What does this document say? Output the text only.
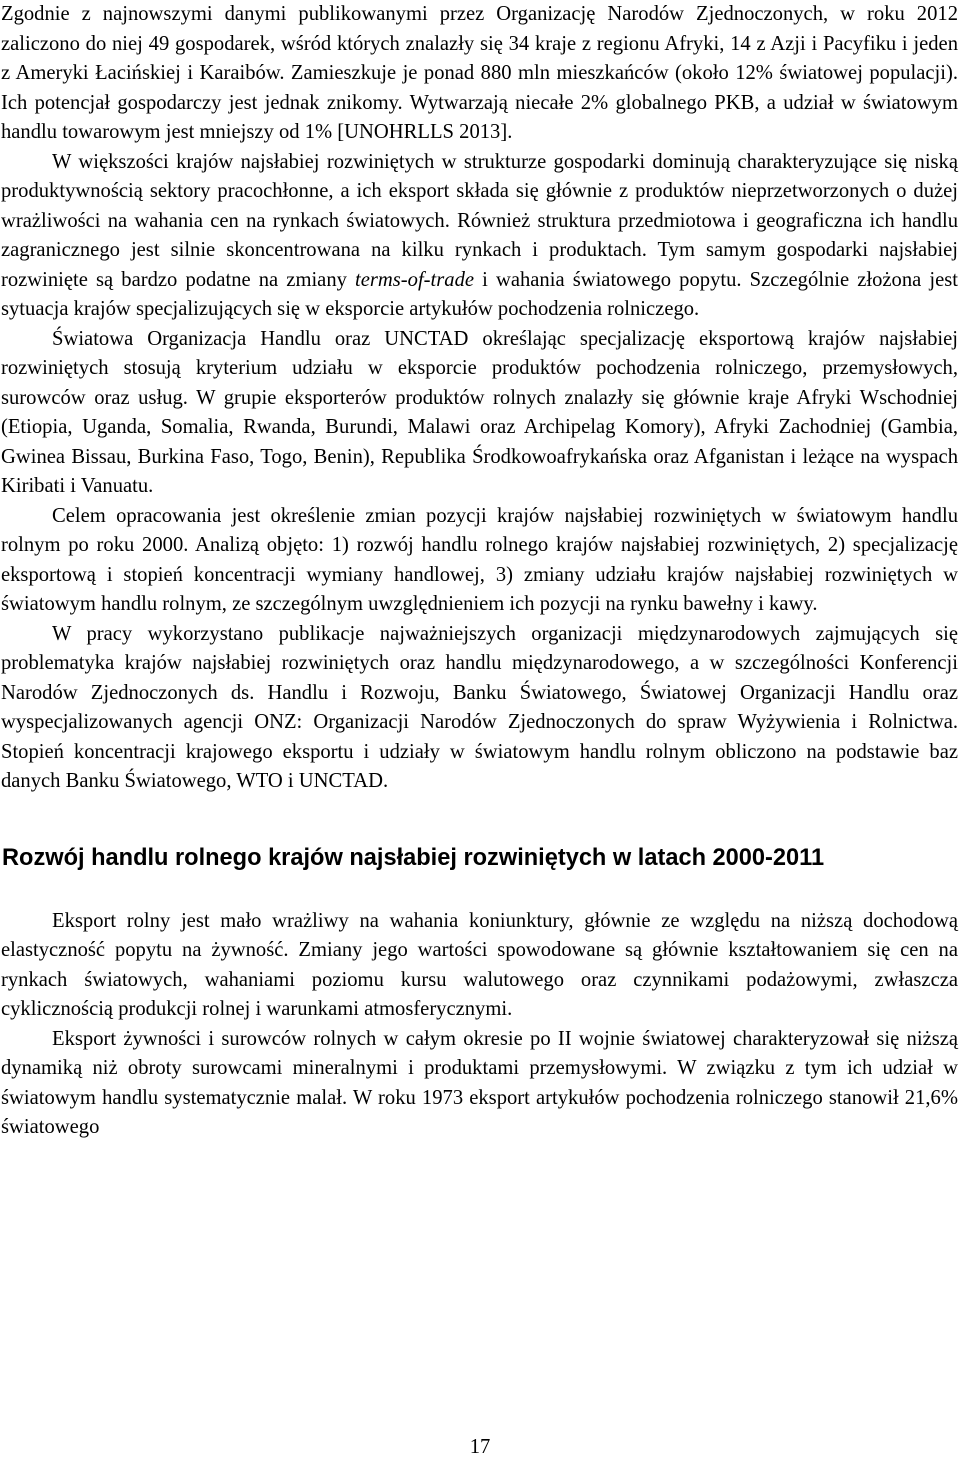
Zgodnie z najnowszymi danymi publikowanymi przez Organizację Narodów Zjednoczonych, w roku 2012 zaliczono do niej 49 gospodarek, wśród których znalazły się 34 kraje z regionu Afryki, 14 z Azji i Pacyfiku i jeden z Ameryki Łacińskiej i Karaibów. Zamieszkuje je ponad 880 mln mieszkańców (około 12% światowej populacji). Ich potencjał gospodarczy jest jednak znikomy. Wytwarzają niecałe 2% globalnego PKB, a udział w światowym handlu towarowym jest mniejszy od 1% [UNOHRLLS 2013].

W większości krajów najsłabiej rozwiniętych w strukturze gospodarki dominują charakteryzujące się niską produktywnością sektory pracochłonne, a ich eksport składa się głównie z produktów nieprzetworzonych o dużej wrażliwości na wahania cen na rynkach światowych. Również struktura przedmiotowa i geograficzna ich handlu zagranicznego jest silnie skoncentrowana na kilku rynkach i produktach. Tym samym gospodarki najsłabiej rozwinięte są bardzo podatne na zmiany terms-of-trade i wahania światowego popytu. Szczególnie złożona jest sytuacja krajów specjalizujących się w eksporcie artykułów pochodzenia rolniczego.

Światowa Organizacja Handlu oraz UNCTAD określając specjalizację eksportową krajów najsłabiej rozwiniętych stosują kryterium udziału w eksporcie produktów pochodzenia rolniczego, przemysłowych, surowców oraz usług. W grupie eksporterów produktów rolnych znalazły się głównie kraje Afryki Wschodniej (Etiopia, Uganda, Somalia, Rwanda, Burundi, Malawi oraz Archipelag Komory), Afryki Zachodniej (Gambia, Gwinea Bissau, Burkina Faso, Togo, Benin), Republika Środkowoafrykańska oraz Afganistan i leżące na wyspach Kiribati i Vanuatu.

Celem opracowania jest określenie zmian pozycji krajów najsłabiej rozwiniętych w światowym handlu rolnym po roku 2000. Analizą objęto: 1) rozwój handlu rolnego krajów najsłabiej rozwiniętych, 2) specjalizację eksportową i stopień koncentracji wymiany handlowej, 3) zmiany udziału krajów najsłabiej rozwiniętych w światowym handlu rolnym, ze szczególnym uwzględnieniem ich pozycji na rynku bawełny i kawy.

W pracy wykorzystano publikacje najważniejszych organizacji międzynarodowych zajmujących się problematyka krajów najsłabiej rozwiniętych oraz handlu międzynarodowego, a w szczególności Konferencji Narodów Zjednoczonych ds. Handlu i Rozwoju, Banku Światowego, Światowej Organizacji Handlu oraz wyspecjalizowanych agencji ONZ: Organizacji Narodów Zjednoczonych do spraw Wyżywienia i Rolnictwa. Stopień koncentracji krajowego eksportu i udziały w światowym handlu rolnym obliczono na podstawie baz danych Banku Światowego, WTO i UNCTAD.

Rozwój handlu rolnego krajów najsłabiej rozwiniętych w latach 2000-2011

Eksport rolny jest mało wrażliwy na wahania koniunktury, głównie ze względu na niższą dochodową elastyczność popytu na żywność. Zmiany jego wartości spowodowane są głównie kształtowaniem się cen na rynkach światowych, wahaniami poziomu kursu walutowego oraz czynnikami podażowymi, zwłaszcza cyklicznością produkcji rolnej i warunkami atmosferycznymi.

Eksport żywności i surowców rolnych w całym okresie po II wojnie światowej charakteryzował się niższą dynamiką niż obroty surowcami mineralnymi i produktami przemysłowymi. W związku z tym ich udział w światowym handlu systematycznie malał. W roku 1973 eksport artykułów pochodzenia rolniczego stanowił 21,6% światowego

17
